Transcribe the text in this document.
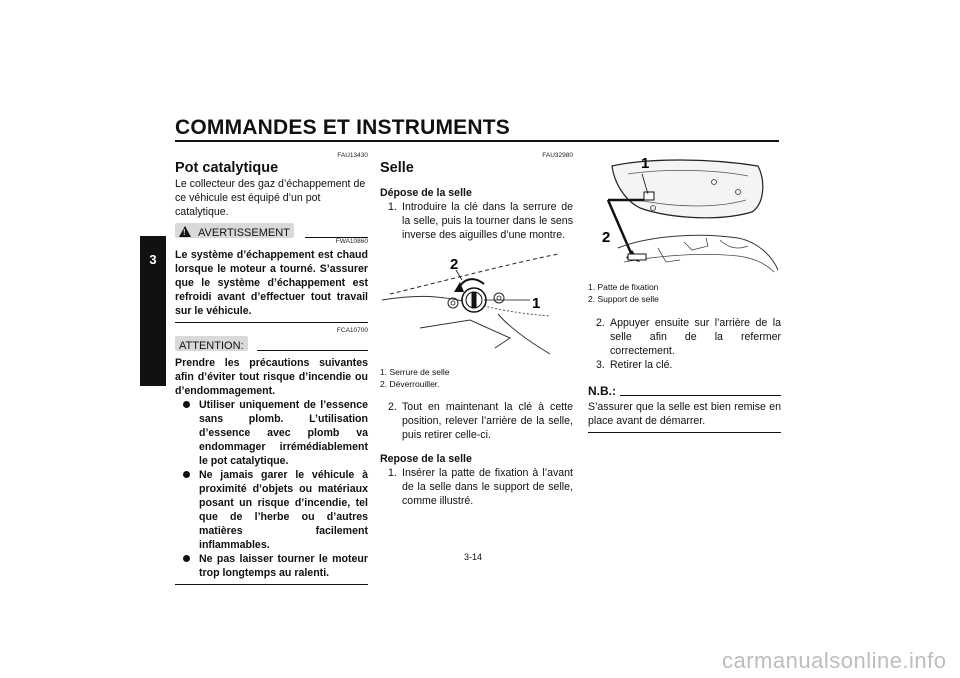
COMMANDES ET INSTRUMENTS
3
FAU13430
Pot catalytique
Le collecteur des gaz d’échappement de ce véhicule est équipé d’un pot catalytique.
! AVERTISSEMENT
FWA10860
Le système d’échappement est chaud lorsque le moteur a tourné. S’assurer que le système d’échappement est refroidi avant d’effectuer tout travail sur le véhicule.
FCA10700
ATTENTION:
Prendre les précautions suivantes afin d’éviter tout risque d’incendie ou d’endommagement.
Utiliser uniquement de l’essence sans plomb. L’utilisation d’essence avec plomb va endommager irrémédiablement le pot catalytique.
Ne jamais garer le véhicule à proximité d’objets ou matériaux posant un risque d’incendie, tel que de l’herbe ou d’autres matières facilement inflammables.
Ne pas laisser tourner le moteur trop longtemps au ralenti.
FAU32980
Selle
Dépose de la selle
1. Introduire la clé dans la serrure de la selle, puis la tourner dans le sens inverse des aiguilles d’une montre.
2
1
1. Serrure de selle
2. Déverrouiller.
2. Tout en maintenant la clé à cette position, relever l’arrière de la selle, puis retirer celle-ci.
Repose de la selle
1. Insérer la patte de fixation à l’avant de la selle dans le support de selle, comme illustré.
1
2
1. Patte de fixation
2. Support de selle
2. Appuyer ensuite sur l’arrière de la selle afin de la refermer correctement.
3. Retirer la clé.
N.B.:
S’assurer que la selle est bien remise en place avant de démarrer.
3-14
carmanualsonline.info
